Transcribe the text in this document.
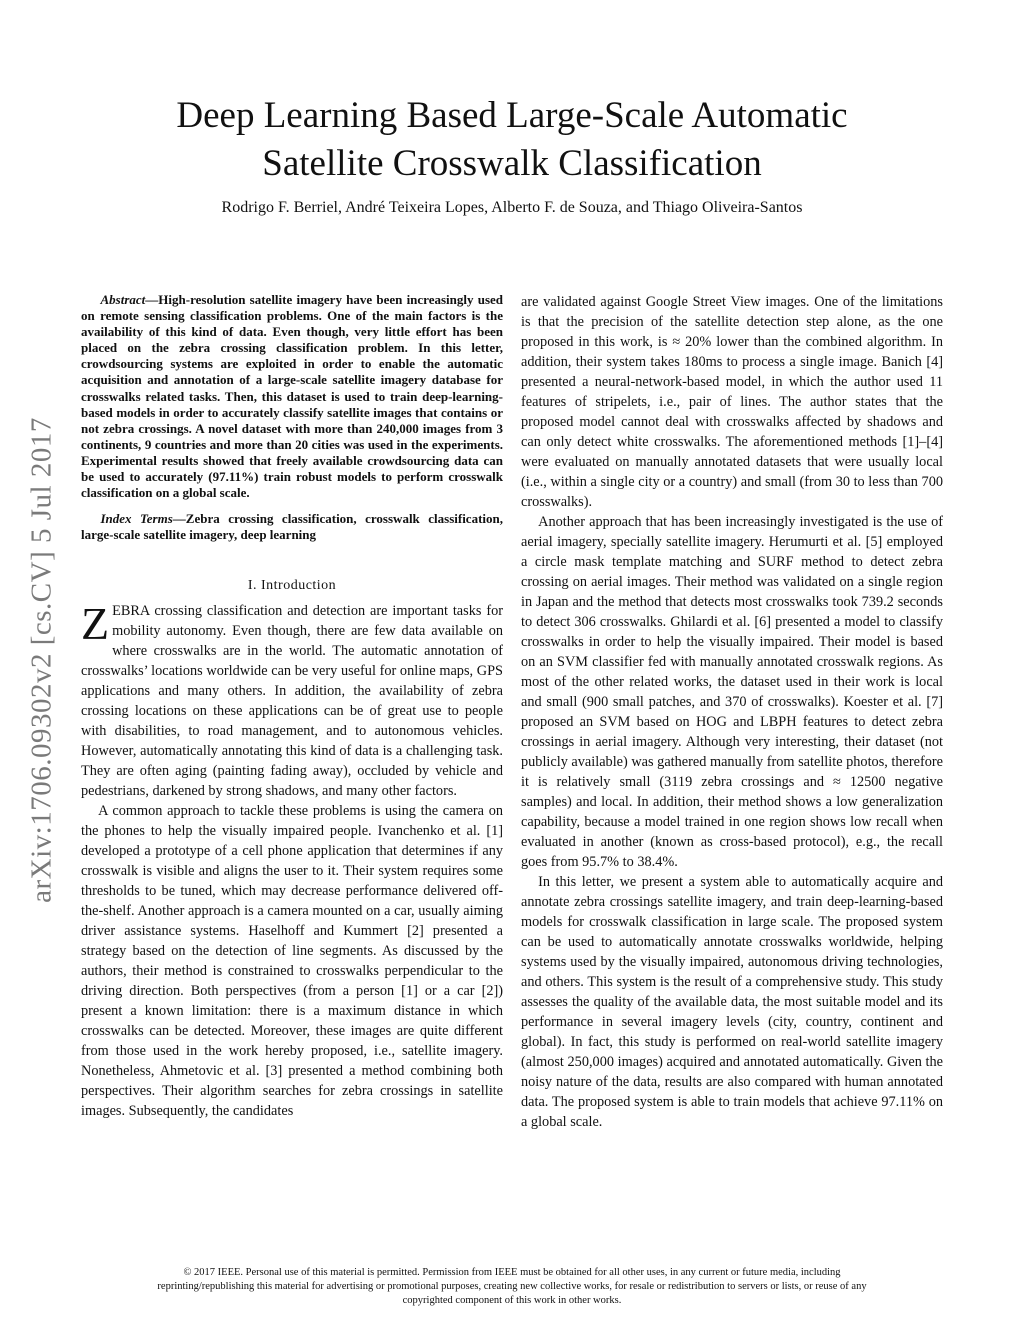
arXiv:1706.09302v2 [cs.CV] 5 Jul 2017
Deep Learning Based Large-Scale Automatic
Satellite Crosswalk Classification
Rodrigo F. Berriel, André Teixeira Lopes, Alberto F. de Souza, and Thiago Oliveira-Santos

Abstract—High-resolution satellite imagery have been increasingly used on remote sensing classification problems. One of the main factors is the availability of this kind of data. Even though, very little effort has been placed on the zebra crossing classification problem. In this letter, crowdsourcing systems are exploited in order to enable the automatic acquisition and annotation of a large-scale satellite imagery database for crosswalks related tasks. Then, this dataset is used to train deep-learning-based models in order to accurately classify satellite images that contains or not zebra crossings. A novel dataset with more than 240,000 images from 3 continents, 9 countries and more than 20 cities was used in the experiments. Experimental results showed that freely available crowdsourcing data can be used to accurately (97.11%) train robust models to perform crosswalk classification on a global scale.

Index Terms—Zebra crossing classification, crosswalk classification, large-scale satellite imagery, deep learning

I. Introduction

ZEBRA crossing classification and detection are important tasks for mobility autonomy. Even though, there are few data available on where crosswalks are in the world. The automatic annotation of crosswalks’ locations worldwide can be very useful for online maps, GPS applications and many others. In addition, the availability of zebra crossing locations on these applications can be of great use to people with disabilities, to road management, and to autonomous vehicles. However, automatically annotating this kind of data is a challenging task. They are often aging (painting fading away), occluded by vehicle and pedestrians, darkened by strong shadows, and many other factors.

A common approach to tackle these problems is using the camera on the phones to help the visually impaired people. Ivanchenko et al. [1] developed a prototype of a cell phone application that determines if any crosswalk is visible and aligns the user to it. Their system requires some thresholds to be tuned, which may decrease performance delivered off-the-shelf. Another approach is a camera mounted on a car, usually aiming driver assistance systems. Haselhoff and Kummert [2] presented a strategy based on the detection of line segments. As discussed by the authors, their method is constrained to crosswalks perpendicular to the driving direction. Both perspectives (from a person [1] or a car [2]) present a known limitation: there is a maximum distance in which crosswalks can be detected. Moreover, these images are quite different from those used in the work hereby proposed, i.e., satellite imagery. Nonetheless, Ahmetovic et al. [3] presented a method combining both perspectives. Their algorithm searches for zebra crossings in satellite images. Subsequently, the candidates

are validated against Google Street View images. One of the limitations is that the precision of the satellite detection step alone, as the one proposed in this work, is ≈ 20% lower than the combined algorithm. In addition, their system takes 180ms to process a single image. Banich [4] presented a neural-network-based model, in which the author used 11 features of stripelets, i.e., pair of lines. The author states that the proposed model cannot deal with crosswalks affected by shadows and can only detect white crosswalks. The aforementioned methods [1]–[4] were evaluated on manually annotated datasets that were usually local (i.e., within a single city or a country) and small (from 30 to less than 700 crosswalks).

Another approach that has been increasingly investigated is the use of aerial imagery, specially satellite imagery. Herumurti et al. [5] employed a circle mask template matching and SURF method to detect zebra crossing on aerial images. Their method was validated on a single region in Japan and the method that detects most crosswalks took 739.2 seconds to detect 306 crosswalks. Ghilardi et al. [6] presented a model to classify crosswalks in order to help the visually impaired. Their model is based on an SVM classifier fed with manually annotated crosswalk regions. As most of the other related works, the dataset used in their work is local and small (900 small patches, and 370 of crosswalks). Koester et al. [7] proposed an SVM based on HOG and LBPH features to detect zebra crossings in aerial imagery. Although very interesting, their dataset (not publicly available) was gathered manually from satellite photos, therefore it is relatively small (3119 zebra crossings and ≈ 12500 negative samples) and local. In addition, their method shows a low generalization capability, because a model trained in one region shows low recall when evaluated in another (known as cross-based protocol), e.g., the recall goes from 95.7% to 38.4%.

In this letter, we present a system able to automatically acquire and annotate zebra crossings satellite imagery, and train deep-learning-based models for crosswalk classification in large scale. The proposed system can be used to automatically annotate crosswalks worldwide, helping systems used by the visually impaired, autonomous driving technologies, and others. This system is the result of a comprehensive study. This study assesses the quality of the available data, the most suitable model and its performance in several imagery levels (city, country, continent and global). In fact, this study is performed on real-world satellite imagery (almost 250,000 images) acquired and annotated automatically. Given the noisy nature of the data, results are also compared with human annotated data. The proposed system is able to train models that achieve 97.11% on a global scale.

© 2017 IEEE. Personal use of this material is permitted. Permission from IEEE must be obtained for all other uses, in any current or future media, including
reprinting/republishing this material for advertising or promotional purposes, creating new collective works, for resale or redistribution to servers or lists, or reuse of any
copyrighted component of this work in other works.
